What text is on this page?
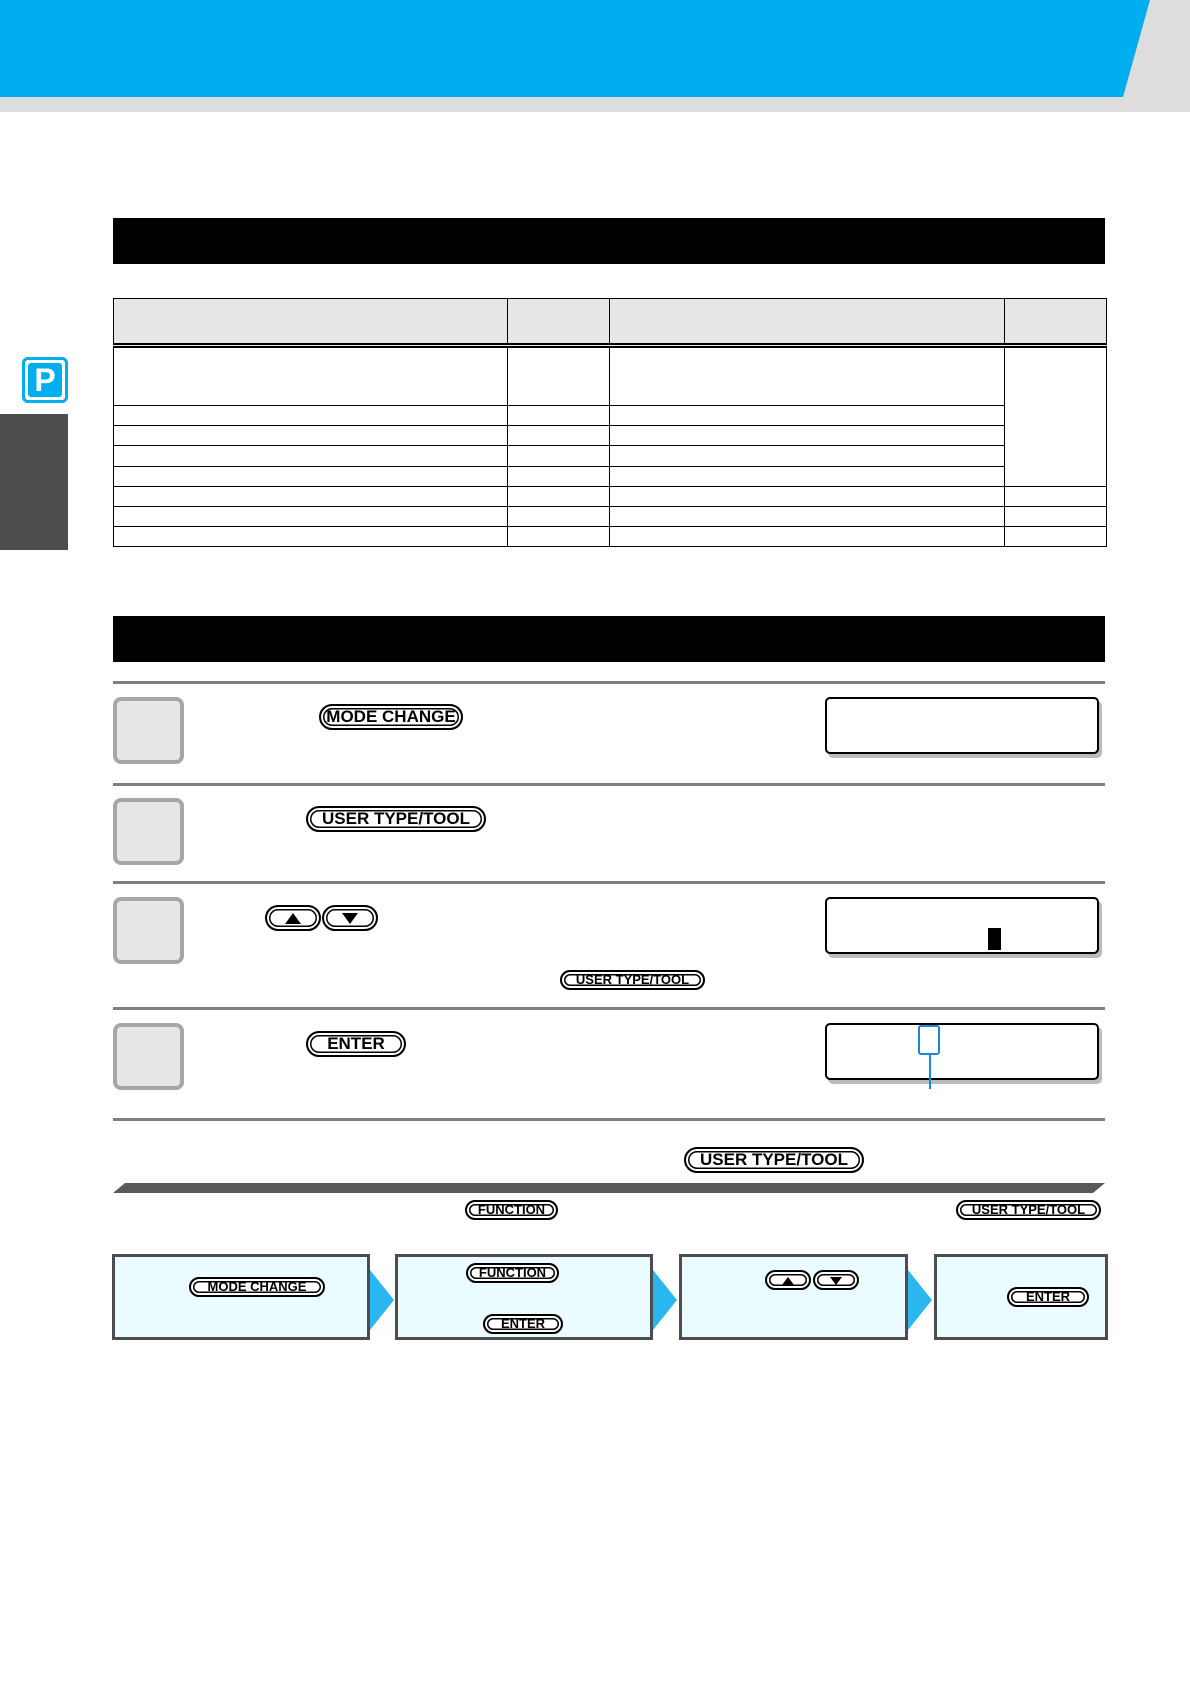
P

MODE CHANGE
USER TYPE/TOOL
USER TYPE/TOOL
ENTER
USER TYPE/TOOL
FUNCTION	USER TYPE/TOOL
MODE CHANGE
FUNCTION
ENTER
ENTER
